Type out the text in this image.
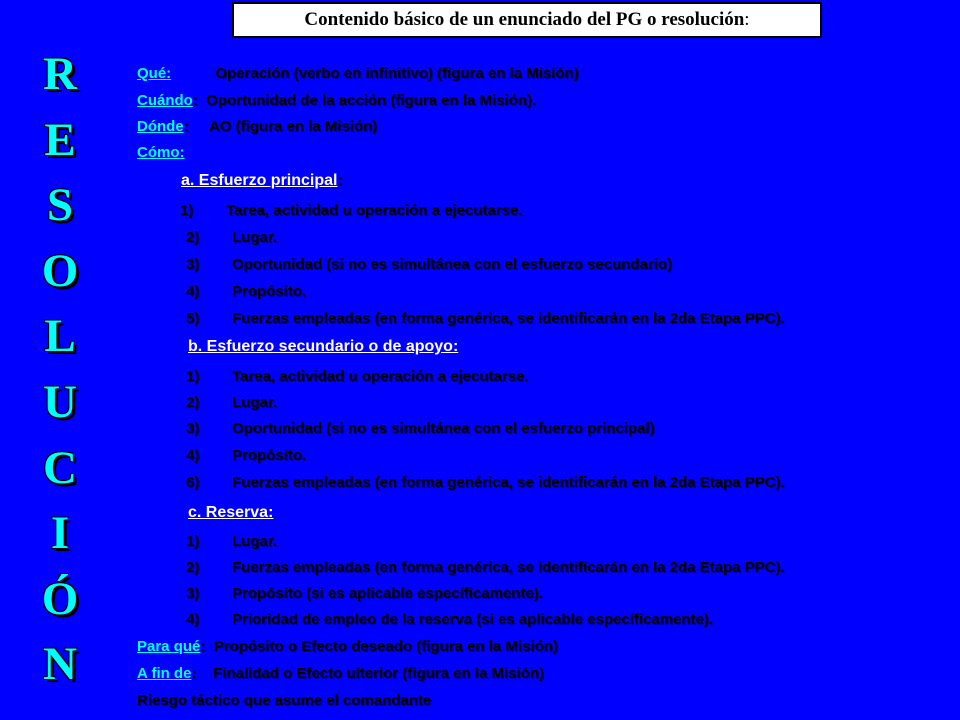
Contenido básico de un enunciado del PG o resolución :
R
E
S
O
L
U
C
I
Ó
N
Qué:	Operación (verbo en infinitivo) (figura en la Misión)
Cuándo:  Oportunidad de la acción (figura en la Misión).
Dónde:     AO (figura en la Misión)
Cómo:
a. Esfuerzo principal:
1) Tarea, actividad u operación a ejecutarse.
2) Lugar.
3) Oportunidad (si no es simultánea con el esfuerzo secundario)
4) Propósito.
5) Fuerzas empleadas (en forma genérica, se identificarán en la 2da Etapa PPC).
b. Esfuerzo secundario o de apoyo:
1) Tarea, actividad u operación a ejecutarse.
2) Lugar.
3) Oportunidad (si no es simultánea con el esfuerzo principal)
4) Propósito.
6) Fuerzas empleadas (en forma genérica, se identificarán en la 2da Etapa PPC).
c. Reserva:
1) Lugar.
2) Fuerzas empleadas (en forma genérica, se identificarán en la 2da Etapa PPC).
3) Propósito (si es aplicable específicamente).
4) Prioridad de empleo de la reserva (si es aplicable específicamente).
Para qué:  Propósito o Efecto deseado (figura en la Misión)
A fin de:    Finalidad o Efecto ulterior (figura en la Misión)
Riesgo táctico que asume el comandante
